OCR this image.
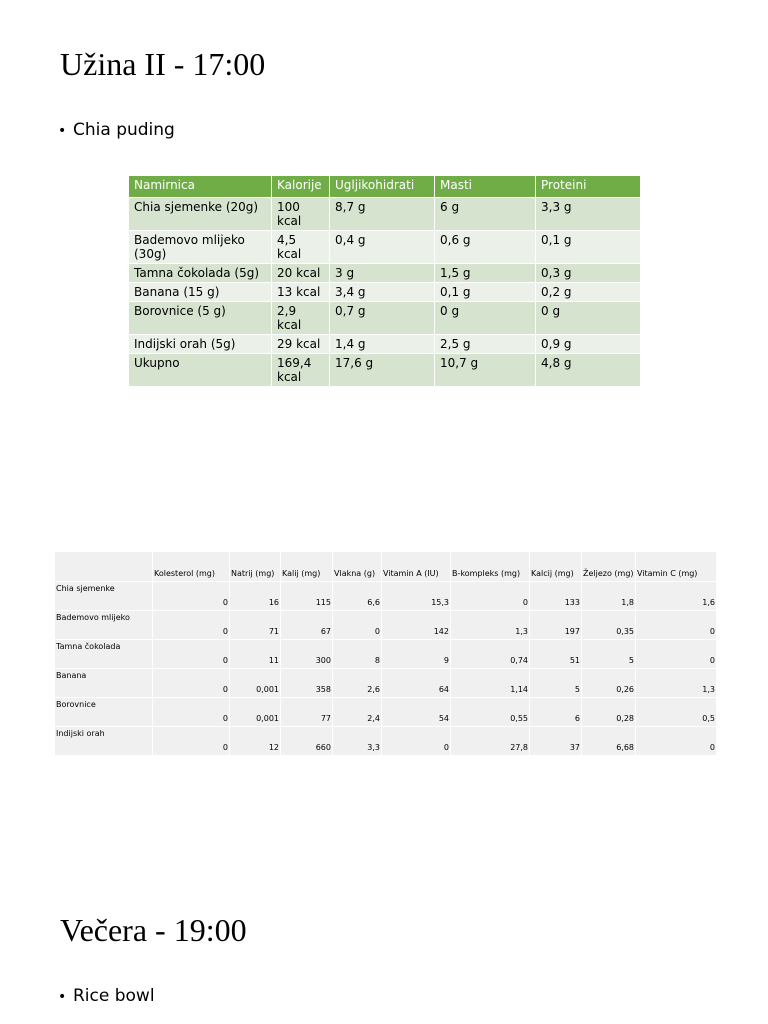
Užina II - 17:00
• Chia puding
Namirnica	Kalorije	Ugljikohidrati	Masti	Proteini
Chia sjemenke (20g)	100 kcal	8,7 g	6 g	3,3 g
Bademovo mlijeko (30g)	4,5 kcal	0,4 g	0,6 g	0,1 g
Tamna čokolada (5g)	20 kcal	3 g	1,5 g	0,3 g
Banana (15 g)	13 kcal	3,4 g	0,1 g	0,2 g
Borovnice (5 g)	2,9 kcal	0,7 g	0 g	0 g
Indijski orah (5g)	29 kcal	1,4 g	2,5 g	0,9 g
Ukupno	169,4 kcal	17,6 g	10,7 g	4,8 g
	Kolesterol (mg)	Natrij (mg)	Kalij (mg)	Vlakna (g)	Vitamin A (IU)	B-kompleks (mg)	Kalcij (mg)	Željezo (mg)	Vitamin C (mg)
Chia sjemenke	0	16	115	6,6	15,3	0	133	1,8	1,6
Bademovo mlijeko	0	71	67	0	142	1,3	197	0,35	0
Tamna čokolada	0	11	300	8	9	0,74	51	5	0
Banana	0	0,001	358	2,6	64	1,14	5	0,26	1,3
Borovnice	0	0,001	77	2,4	54	0,55	6	0,28	0,5
Indijski orah	0	12	660	3,3	0	27,8	37	6,68	0
Večera - 19:00
• Rice bowl
